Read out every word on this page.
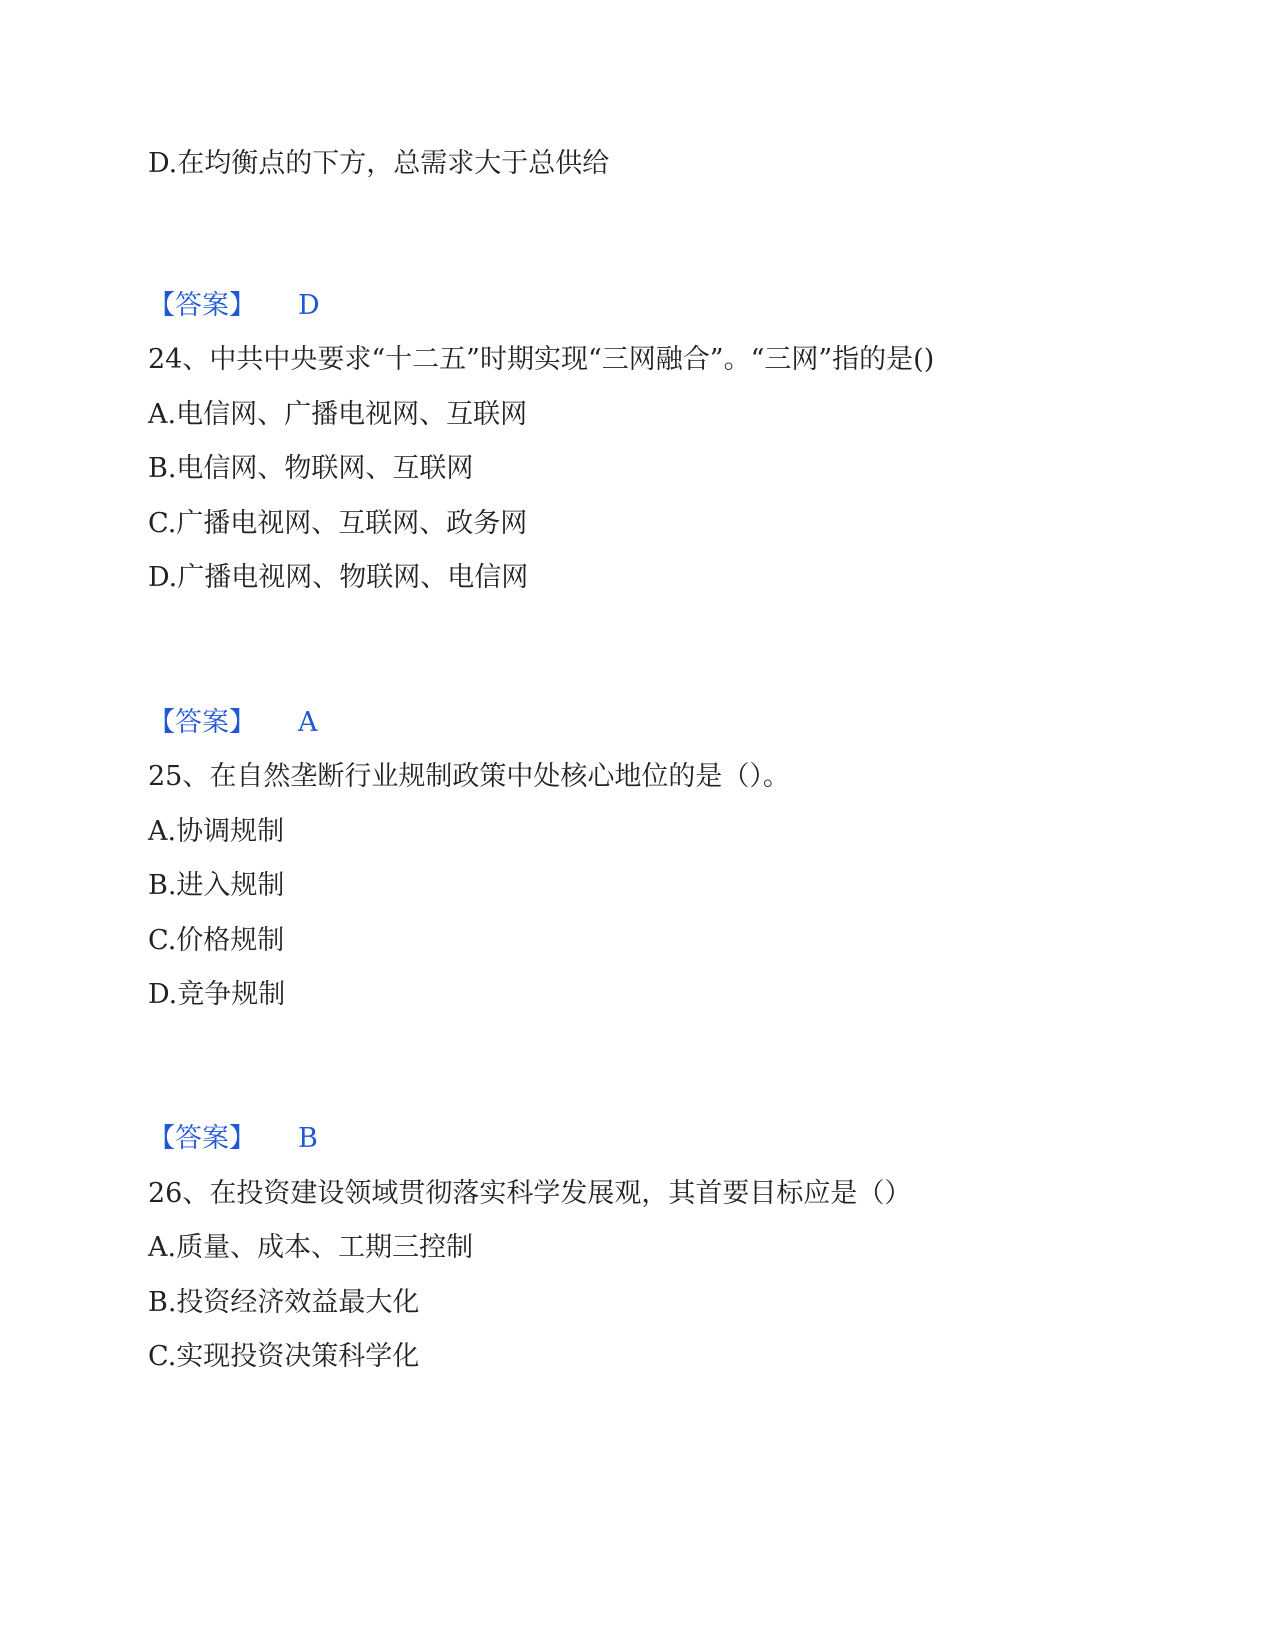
D.在均衡点的下方，总需求大于总供给
【答案】 D
24、中共中央要求“十二五”时期实现“三网融合”。“三网”指的是()
A.电信网、广播电视网、互联网
B.电信网、物联网、互联网
C.广播电视网、互联网、政务网
D.广播电视网、物联网、电信网
【答案】 A
25、在自然垄断行业规制政策中处核心地位的是（）。
A.协调规制
B.进入规制
C.价格规制
D.竞争规制
【答案】 B
26、在投资建设领域贯彻落实科学发展观，其首要目标应是（）
A.质量、成本、工期三控制
B.投资经济效益最大化
C.实现投资决策科学化
